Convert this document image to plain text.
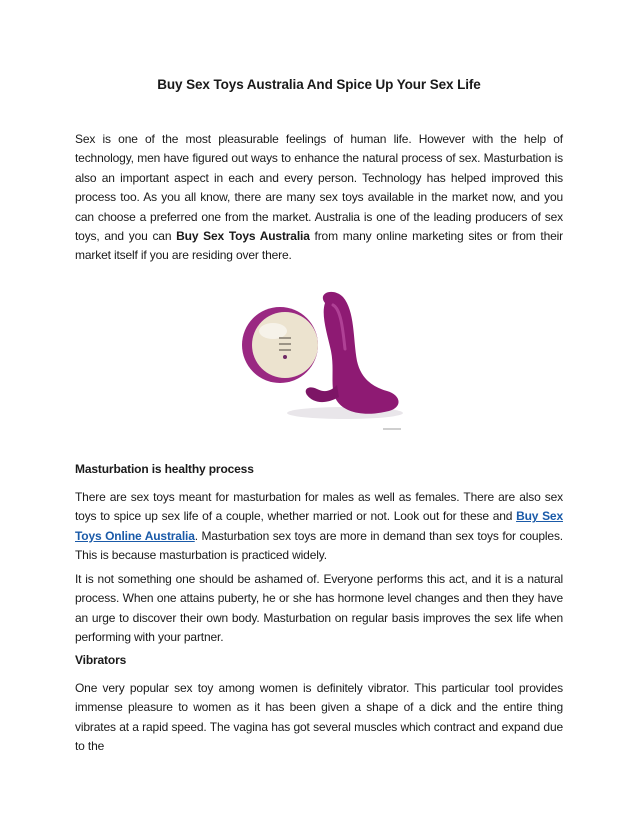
Buy Sex Toys Australia And Spice Up Your Sex Life

Sex is one of the most pleasurable feelings of human life. However with the help of technology, men have figured out ways to enhance the natural process of sex. Masturbation is also an important aspect in each and every person. Technology has helped improved this process too. As you all know, there are many sex toys available in the market now, and you can choose a preferred one from the market. Australia is one of the leading producers of sex toys, and you can Buy Sex Toys Australia from many online marketing sites or from their market itself if you are residing over there.

Masturbation is healthy process

There are sex toys meant for masturbation for males as well as females. There are also sex toys to spice up sex life of a couple, whether married or not. Look out for these and Buy Sex Toys Online Australia. Masturbation sex toys are more in demand than sex toys for couples. This is because masturbation is practiced widely.

It is not something one should be ashamed of. Everyone performs this act, and it is a natural process. When one attains puberty, he or she has hormone level changes and then they have an urge to discover their own body. Masturbation on regular basis improves the sex life when performing with your partner.

Vibrators

One very popular sex toy among women is definitely vibrator. This particular tool provides immense pleasure to women as it has been given a shape of a dick and the entire thing vibrates at a rapid speed. The vagina has got several muscles which contract and expand due to the
